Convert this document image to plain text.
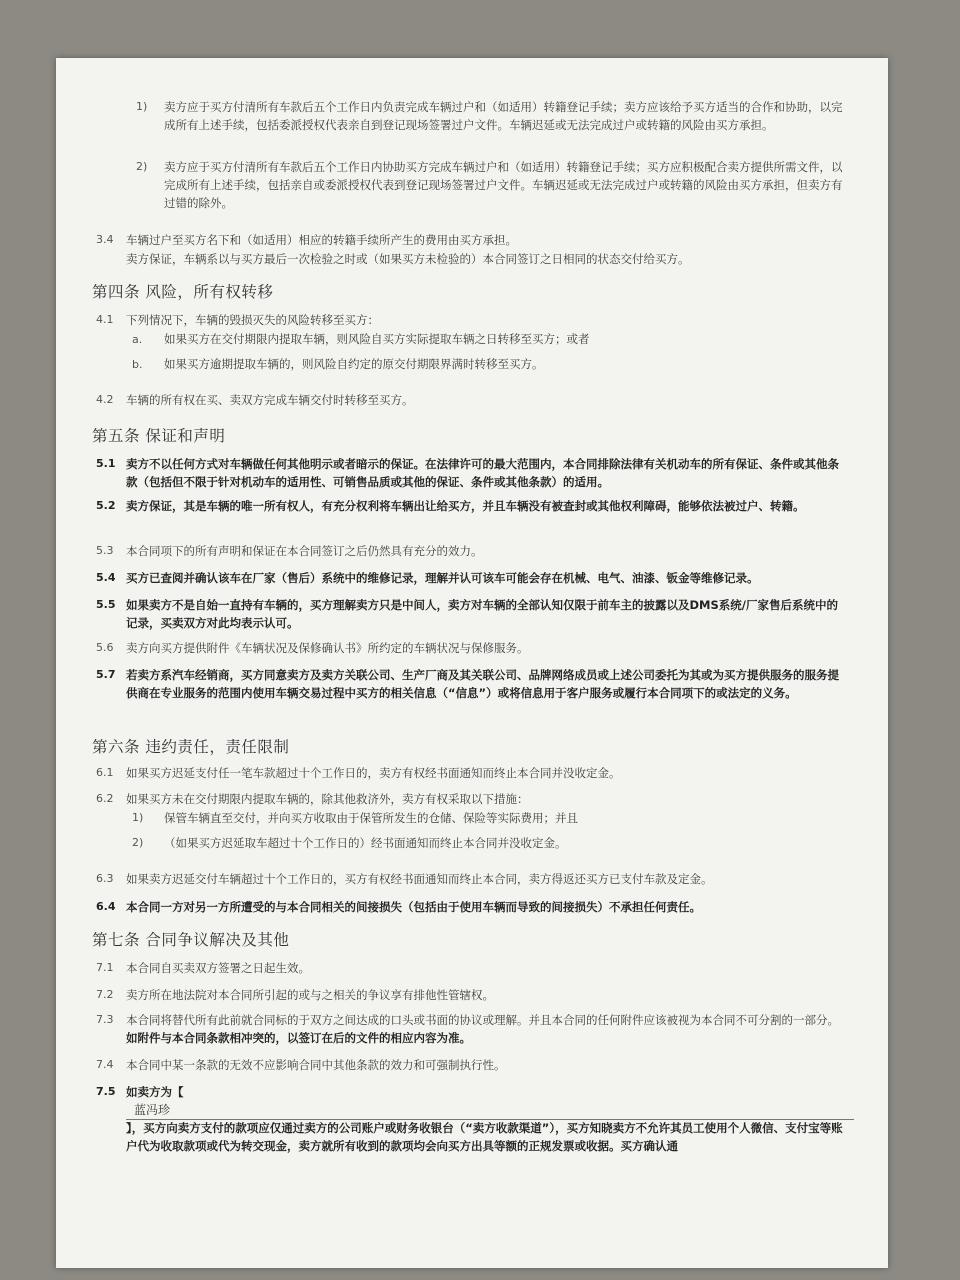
1) 卖方应于买方付清所有车款后五个工作日内负责完成车辆过户和（如适用）转籍登记手续；卖方应该给予买方适当的合作和协助，以完成所有上述手续，包括委派授权代表亲自到登记现场签署过户文件。车辆迟延或无法完成过户或转籍的风险由买方承担。
2) 卖方应于买方付清所有车款后五个工作日内协助买方完成车辆过户和（如适用）转籍登记手续；买方应积极配合卖方提供所需文件，以完成所有上述手续，包括亲自或委派授权代表到登记现场签署过户文件。车辆迟延或无法完成过户或转籍的风险由买方承担，但卖方有过错的除外。
3.4 车辆过户至买方名下和（如适用）相应的转籍手续所产生的费用由买方承担。
卖方保证，车辆系以与买方最后一次检验之时或（如果买方未检验的）本合同签订之日相同的状态交付给买方。
第四条 风险，所有权转移
4.1 下列情况下，车辆的毁损灭失的风险转移至买方：
a. 如果买方在交付期限内提取车辆，则风险自买方实际提取车辆之日转移至买方；或者
b. 如果买方逾期提取车辆的，则风险自约定的原交付期限界满时转移至买方。
4.2 车辆的所有权在买、卖双方完成车辆交付时转移至买方。
第五条 保证和声明
5.1 卖方不以任何方式对车辆做任何其他明示或者暗示的保证。在法律许可的最大范围内，本合同排除法律有关机动车的所有保证、条件或其他条款（包括但不限于针对机动车的适用性、可销售品质或其他的保证、条件或其他条款）的适用。
5.2 卖方保证，其是车辆的唯一所有权人，有充分权利将车辆出让给买方，并且车辆没有被查封或其他权利障碍，能够依法被过户、转籍。
5.3 本合同项下的所有声明和保证在本合同签订之后仍然具有充分的效力。
5.4 买方已查阅并确认该车在厂家（售后）系统中的维修记录，理解并认可该车可能会存在机械、电气、油漆、钣金等维修记录。
5.5 如果卖方不是自始一直持有车辆的，买方理解卖方只是中间人，卖方对车辆的全部认知仅限于前车主的披露以及DMS系统/厂家售后系统中的记录，买卖双方对此均表示认可。
5.6 卖方向买方提供附件《车辆状况及保修确认书》所约定的车辆状况与保修服务。
5.7 若卖方系汽车经销商，买方同意卖方及卖方关联公司、生产厂商及其关联公司、品牌网络成员或上述公司委托为其或为买方提供服务的服务提供商在专业服务的范围内使用车辆交易过程中买方的相关信息（“信息”）或将信息用于客户服务或履行本合同项下的或法定的义务。
第六条 违约责任，责任限制
6.1 如果买方迟延支付任一笔车款超过十个工作日的，卖方有权经书面通知而终止本合同并没收定金。
6.2 如果买方未在交付期限内提取车辆的，除其他救济外，卖方有权采取以下措施：
1) 保管车辆直至交付，并向买方收取由于保管所发生的仓储、保险等实际费用；并且
2) （如果买方迟延取车超过十个工作日的）经书面通知而终止本合同并没收定金。
6.3 如果卖方迟延交付车辆超过十个工作日的，买方有权经书面通知而终止本合同，卖方得返还买方已支付车款及定金。
6.4 本合同一方对另一方所遭受的与本合同相关的间接损失（包括由于使用车辆而导致的间接损失）不承担任何责任。
第七条 合同争议解决及其他
7.1 本合同自买卖双方签署之日起生效。
7.2 卖方所在地法院对本合同所引起的或与之相关的争议享有排他性管辖权。
7.3 本合同将替代所有此前就合同标的于双方之间达成的口头或书面的协议或理解。并且本合同的任何附件应该被视为本合同不可分割的一部分。如附件与本合同条款相冲突的，以签订在后的文件的相应内容为准。
7.4 本合同中某一条款的无效不应影响合同中其他条款的效力和可强制执行性。
7.5 如卖方为【
蓝冯珍
】，买方向卖方支付的款项应仅通过卖方的公司账户或财务收银台（“卖方收款渠道”），买方知晓卖方不允许其员工使用个人微信、支付宝等账户代为收取款项或代为转交现金，卖方就所有收到的款项均会向买方出具等额的正规发票或收据。买方确认通
